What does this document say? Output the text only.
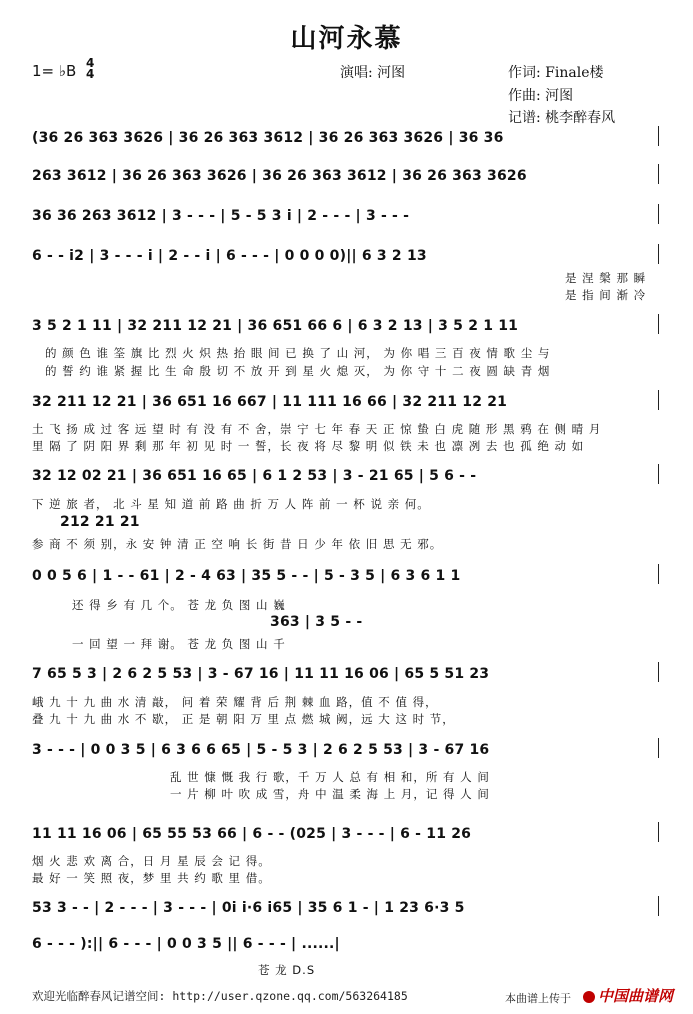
山河永慕
1= ♭B 4
4	演唱: 河图	作词: Finale楼
作曲: 河图
记谱: 桃李醉春风
(36 26 363 3626 | 36 26 363 3612 | 36 26 363 3626 | 36 36
263 3612 | 36 26 363 3626 | 36 26 363 3612 | 36 26 363 3626
36 36 263 3612 | 3 - - - | 5 - 5 3 i | 2 - - - | 3 - - -
6 - - i2 | 3 - - - i | 2 - - i | 6 - - - | 0 0 0 0)|| 6 3 2 13
是 涅 槃 那 瞬
是 指 间 渐 冷
3 5 2 1 11 | 32 211 12 21 | 36 651 66 6 | 6 3 2 13 | 3 5 2 1 11
的 颜 色 谁 筌 旗 比 烈 火 炽 热 抬 眼 间 已 换 了 山 河， 为 你 唱 三 百 夜 情 歌 尘 与
的 誓 约 谁 紧 握 比 生 命 殷 切 不 放 开 到 星 火 熄 灭， 为 你 守 十 二 夜 圆 缺 青 烟
32 211 12 21 | 36 651 16 667 | 11 111 16 66 | 32 211 12 21
土 飞 扬 成 过 客 远 望 时 有 没 有 不 舍，崇 宁 七 年 春 天 正 惊 蛰 白 虎 随 形 黑 鸦 在 侧 晴 月
里 隔 了 阴 阳 界 剩 那 年 初 见 时 一 誓，长 夜 将 尽 黎 明 似 铁 未 也 凛 冽 去 也 孤 绝 动 如
32 12 02 21 | 36 651 16 65 | 6 1 2 53 | 3 - 21 65 | 5 6 - -
下 逆 旅 者， 北 斗 星 知 道 前 路 曲 折 万 人 阵 前 一 杯 说 亲 何。
212 21 21
参 商 不 须 别，永 安 钟 清 正 空 响 长 街 昔 日 少 年 依 旧 思 无 邪。
0 0 5 6 | 1 - - 61 | 2 - 4 63 | 35 5 - - | 5 - 3 5 | 6 3 6 1 1
还 得 乡 有 几 个。 苍 龙 负 图 山 巍
363 | 3 5 - -
一 回 望 一 拜 谢。 苍 龙 负 图 山 千
7 65 5 3 | 2 6 2 5 53 | 3 - 67 16 | 11 11 16 06 | 65 5 51 23
峨 九 十 九 曲 水 清 敲， 问 着 荣 耀 背 后 荆 棘 血 路，值 不 值 得，
叠 九 十 九 曲 水 不 歇， 正 是 朝 阳 万 里 点 燃 城 阙，远 大 这 时 节，
3 - - - | 0 0 3 5 | 6 3 6 6 65 | 5 - 5 3 | 2 6 2 5 53 | 3 - 67 16
乱 世 慷 慨 我 行 歌，千 万 人 总 有 相 和，所 有 人 间
一 片 柳 叶 吹 成 雪，舟 中 温 柔 海 上 月，记 得 人 间
11 11 16 06 | 65 55 53 66 | 6 - - (025 | 3 - - - | 6 - 11 26
烟 火 悲 欢 离 合，日 月 星 辰 会 记 得。
最 好 一 笑 照 夜，梦 里 共 约 歌 里 借。
53 3 - - | 2 - - - | 3 - - - | 0i i·6 i65 | 35 6 1 - | 1 23 6·3 5
6 - - - ):|| 6 - - - | 0 0 3 5 || 6 - - - | ......|
苍 龙 D.S
欢迎光临醉春风记谱空间: http://user.qzone.qq.com/563264185	本曲谱上传于	中国曲谱网
